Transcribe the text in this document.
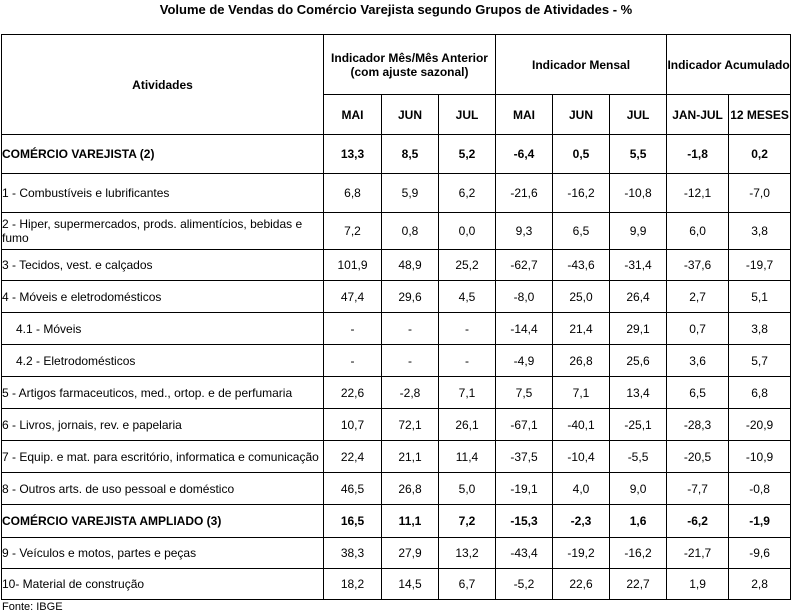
Volume de Vendas do Comércio Varejista segundo Grupos de Atividades - %
Atividades	Indicador Mês/Mês Anterior (com ajuste sazonal)			Indicador Mensal			Indicador Acumulado	
	MAI	JUN	JUL	MAI	JUN	JUL	JAN-JUL	12 MESES
COMÉRCIO VAREJISTA (2)	13,3	8,5	5,2	-6,4	0,5	5,5	-1,8	0,2
1 - Combustíveis e lubrificantes	6,8	5,9	6,2	-21,6	-16,2	-10,8	-12,1	-7,0
2 - Hiper, supermercados, prods. alimentícios, bebidas e fumo	7,2	0,8	0,0	9,3	6,5	9,9	6,0	3,8
3 - Tecidos, vest. e calçados	101,9	48,9	25,2	-62,7	-43,6	-31,4	-37,6	-19,7
4 - Móveis e eletrodomésticos	47,4	29,6	4,5	-8,0	25,0	26,4	2,7	5,1
4.1 - Móveis	-	-	-	-14,4	21,4	29,1	0,7	3,8
4.2 - Eletrodomésticos	-	-	-	-4,9	26,8	25,6	3,6	5,7
5 - Artigos farmaceuticos, med., ortop. e de perfumaria	22,6	-2,8	7,1	7,5	7,1	13,4	6,5	6,8
6 - Livros, jornais, rev. e papelaria	10,7	72,1	26,1	-67,1	-40,1	-25,1	-28,3	-20,9
7 - Equip. e mat. para escritório, informatica e comunicação	22,4	21,1	11,4	-37,5	-10,4	-5,5	-20,5	-10,9
8 - Outros arts. de uso pessoal e doméstico	46,5	26,8	5,0	-19,1	4,0	9,0	-7,7	-0,8
COMÉRCIO VAREJISTA AMPLIADO (3)	16,5	11,1	7,2	-15,3	-2,3	1,6	-6,2	-1,9
9 - Veículos e motos, partes e peças	38,3	27,9	13,2	-43,4	-19,2	-16,2	-21,7	-9,6
10- Material de construção	18,2	14,5	6,7	-5,2	22,6	22,7	1,9	2,8
Fonte: IBGE
